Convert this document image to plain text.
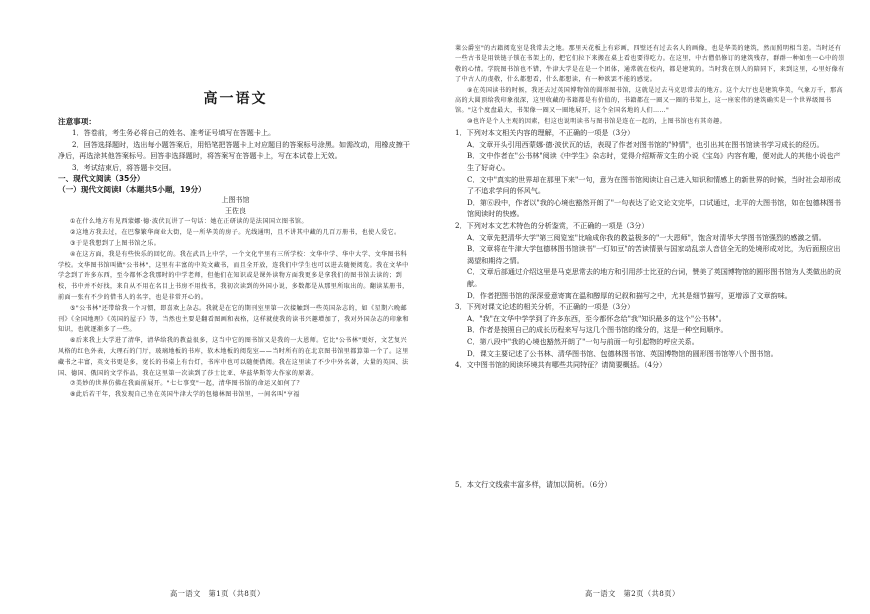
高一语文
注意事项：

1．答卷前，考生务必将自己的姓名、准考证号填写在答题卡上。

2．回答选择题时，选出每小题答案后，用铅笔把答题卡上对应题目的答案标号涂黑。如需改动，用橡皮擦干净后，再选涂其他答案标号。回答非选择题时，将答案写在答题卡上，写在本试卷上无效。

3．考试结束后，将答题卡交回。

一、现代文阅读（35分）
（一）现代文阅读Ⅰ（本题共5小题，19分）
上图书馆
王佐良

①在什么地方有见西蒙娜·德·波伏瓦讲了一句话：她在正研读的是法国国立图书馆。

②这地方我去过，在巴黎繁华商业大街，是一所华美的房子。光线通明，且不讲其中藏的几百万册书，也使人爱它。

③于是我想到了上图书馆之乐。

④在这方面，我是有些快乐的回忆的。我在武昌上中学，一个文化宇里有三所学校：文华中学、华中大学、文华图书科学校。文华图书馆叫做"公书林"，这里有丰富的中英文藏书，而且全开放，连我们中学生也可以进去随便阅览。我在文华中学念到了许多东西，至今都怀念我那时的中学老师，但他们在知识或是课外读物方面我更多是拿我们的图书馆去读的；到校，书中并不好找，来自从不用在名目上书房不用找书，我初次读到的外国小说，多数都是从那里所取出的。翻读某册书，前面一张有不少的借书人的名字，也是非常开心的。

⑤"公书林"还带给我一个习惯，即喜欢上杂志。我就是在它的期刊室里第一次接触到一些英国杂志的，如《星期六晚邮刊》《全国地理》《英国的屋子》等，当然也主要是翻看图画和表格，这样就使我的读书兴趣增加了，我对外国杂志的印象和知识，也就逐渐多了一些。

⑥后来我上大学进了清华，清华给我的教益很多，这当中它的图书馆又是我的一大恩师。它比"公书林"更好，文艺复兴风格的红色外表，大理石的门厅，玻璃地板的书库，软木地板的阅览室——当时所有的在北京图书馆里都算第一个了。这里藏书之丰富，英文书更是多，宽长的书桌上有台灯，书库中也可以随便借阅。我在这里读了不少中外名著，大量的英国、法国、德国、俄国的文学作品，我在这里第一次读到了莎士比亚、华兹华斯等大作家的原著。

⑦美妙的世界仿佛在我面前展开。"七七事变"一起，清华图书馆的命运又如何了？

⑧此后若干年，我发现自己坐在英国牛津大学的包德林图书馆里，一间名叫"亨福

高一语文　第1页（共8页）

莱公爵室"的古籍阅览室是我常去之地。那里天花板上有彩画，四壁还有过去名人的画像，也是华美的建筑，然而照明相当差。当时还有一些古书是用铁链子锁在书架上的，把它们拉下来搬在桌上看也要得吃力。在这里，中古僧侣修订的建筑残存，群群一种如坐一心中的崇敬的心情。学院图书馆也不错，牛津大学是在是一个团体，通常就在校内，都是建筑的。当时我在别人的陪同下，来到这里，心里好像有了中古人的虔敬，什么都想看，什么都想读，有一种欲罢不能的感觉。

⑨在英国读书的时候，我还去过英国博物馆的圆形图书馆，这就是过去马克思常去的地方。这个大厅也是建筑华美，气象万千，那高高的大圆顶给我印象很深，这里收藏的书籍都是有价值的，书籍都在一圈又一圈的书架上，这一座宏伟的建筑确实是一个世界级图书馆。"这个度盘最大，书架像一圈又一圈地展开，这个全国名地的人们……"

⑩也许是个人主观的因素，但这也说明读书与图书馆是连在一起的，上图书馆也有其奇趣。

1．下列对本文相关内容的理解，不正确的一项是（3分）

A．文章开头引用西蒙娜·德·波伏瓦的话，表现了作者对图书馆的"钟情"，也引出其在图书馆读书学习成长的经历。

B．文中作者在"公书林"阅读《中学生》杂志时，觉得介绍斯蒂文生的小说《宝岛》内容有趣，便对此人的其他小说也产生了好奇心。

C．文中"真实的世界却在那里下来"一句，意为在图书馆阅读让自己进入知识和情感上的新世界的时候，当时社会却形成了不追求学问的怀风气。

D．第⑥段中，作者以"我的心境也豁然开朗了"一句表达了论文论文完毕，口试通过，北平的大图书馆，如在包德林图书馆阅读时的快感。

2．下列对本文艺术特色的分析鉴赏，不正确的一项是（3分）

A．文章先把清华大学"第三阅览室"比喻成你我的教益极多的"一大恩师"，饱含对清华大学图书馆强烈的感激之情。

B．文章将在牛津大学包德林图书馆读书"一灯如豆"的苦读情景与国家动乱亲人音信全无的处境形成对比，为后面照应出渴望和期待之情。

C．文章后部通过介绍这里是马克思常去的地方和引用莎士比亚的台词，赞美了英国博物馆的圆形图书馆为人类做出的贡献。

D．作者把图书馆的深深爱意寄寓在温和醇厚的记叙和描写之中，尤其是细节描写，更增添了文章韵味。

3．下列对课文论述的相关分析，不正确的一项是（3分）

A．"我"在文华中学学到了许多东西，至今都怀念给"我"知识最多的这个"公书林"。

B．作者是按照自己的成长历程来写与这几个图书馆的缘分的，这是一种空间顺序。

C．第八段中"我的心境也豁然开朗了"一句与前面一句引起物的呼应关系。

D．课文主要记述了公书林、清华图书馆、包德林图书馆、英国博物馆的圆形图书馆等八个图书馆。

4．文中图书馆的阅读环境共有哪些共同特征？请简要概括。（4分）

5．本文行文线索丰富多样，请加以简析。（6分）
高一语文　第2页（共8页）
